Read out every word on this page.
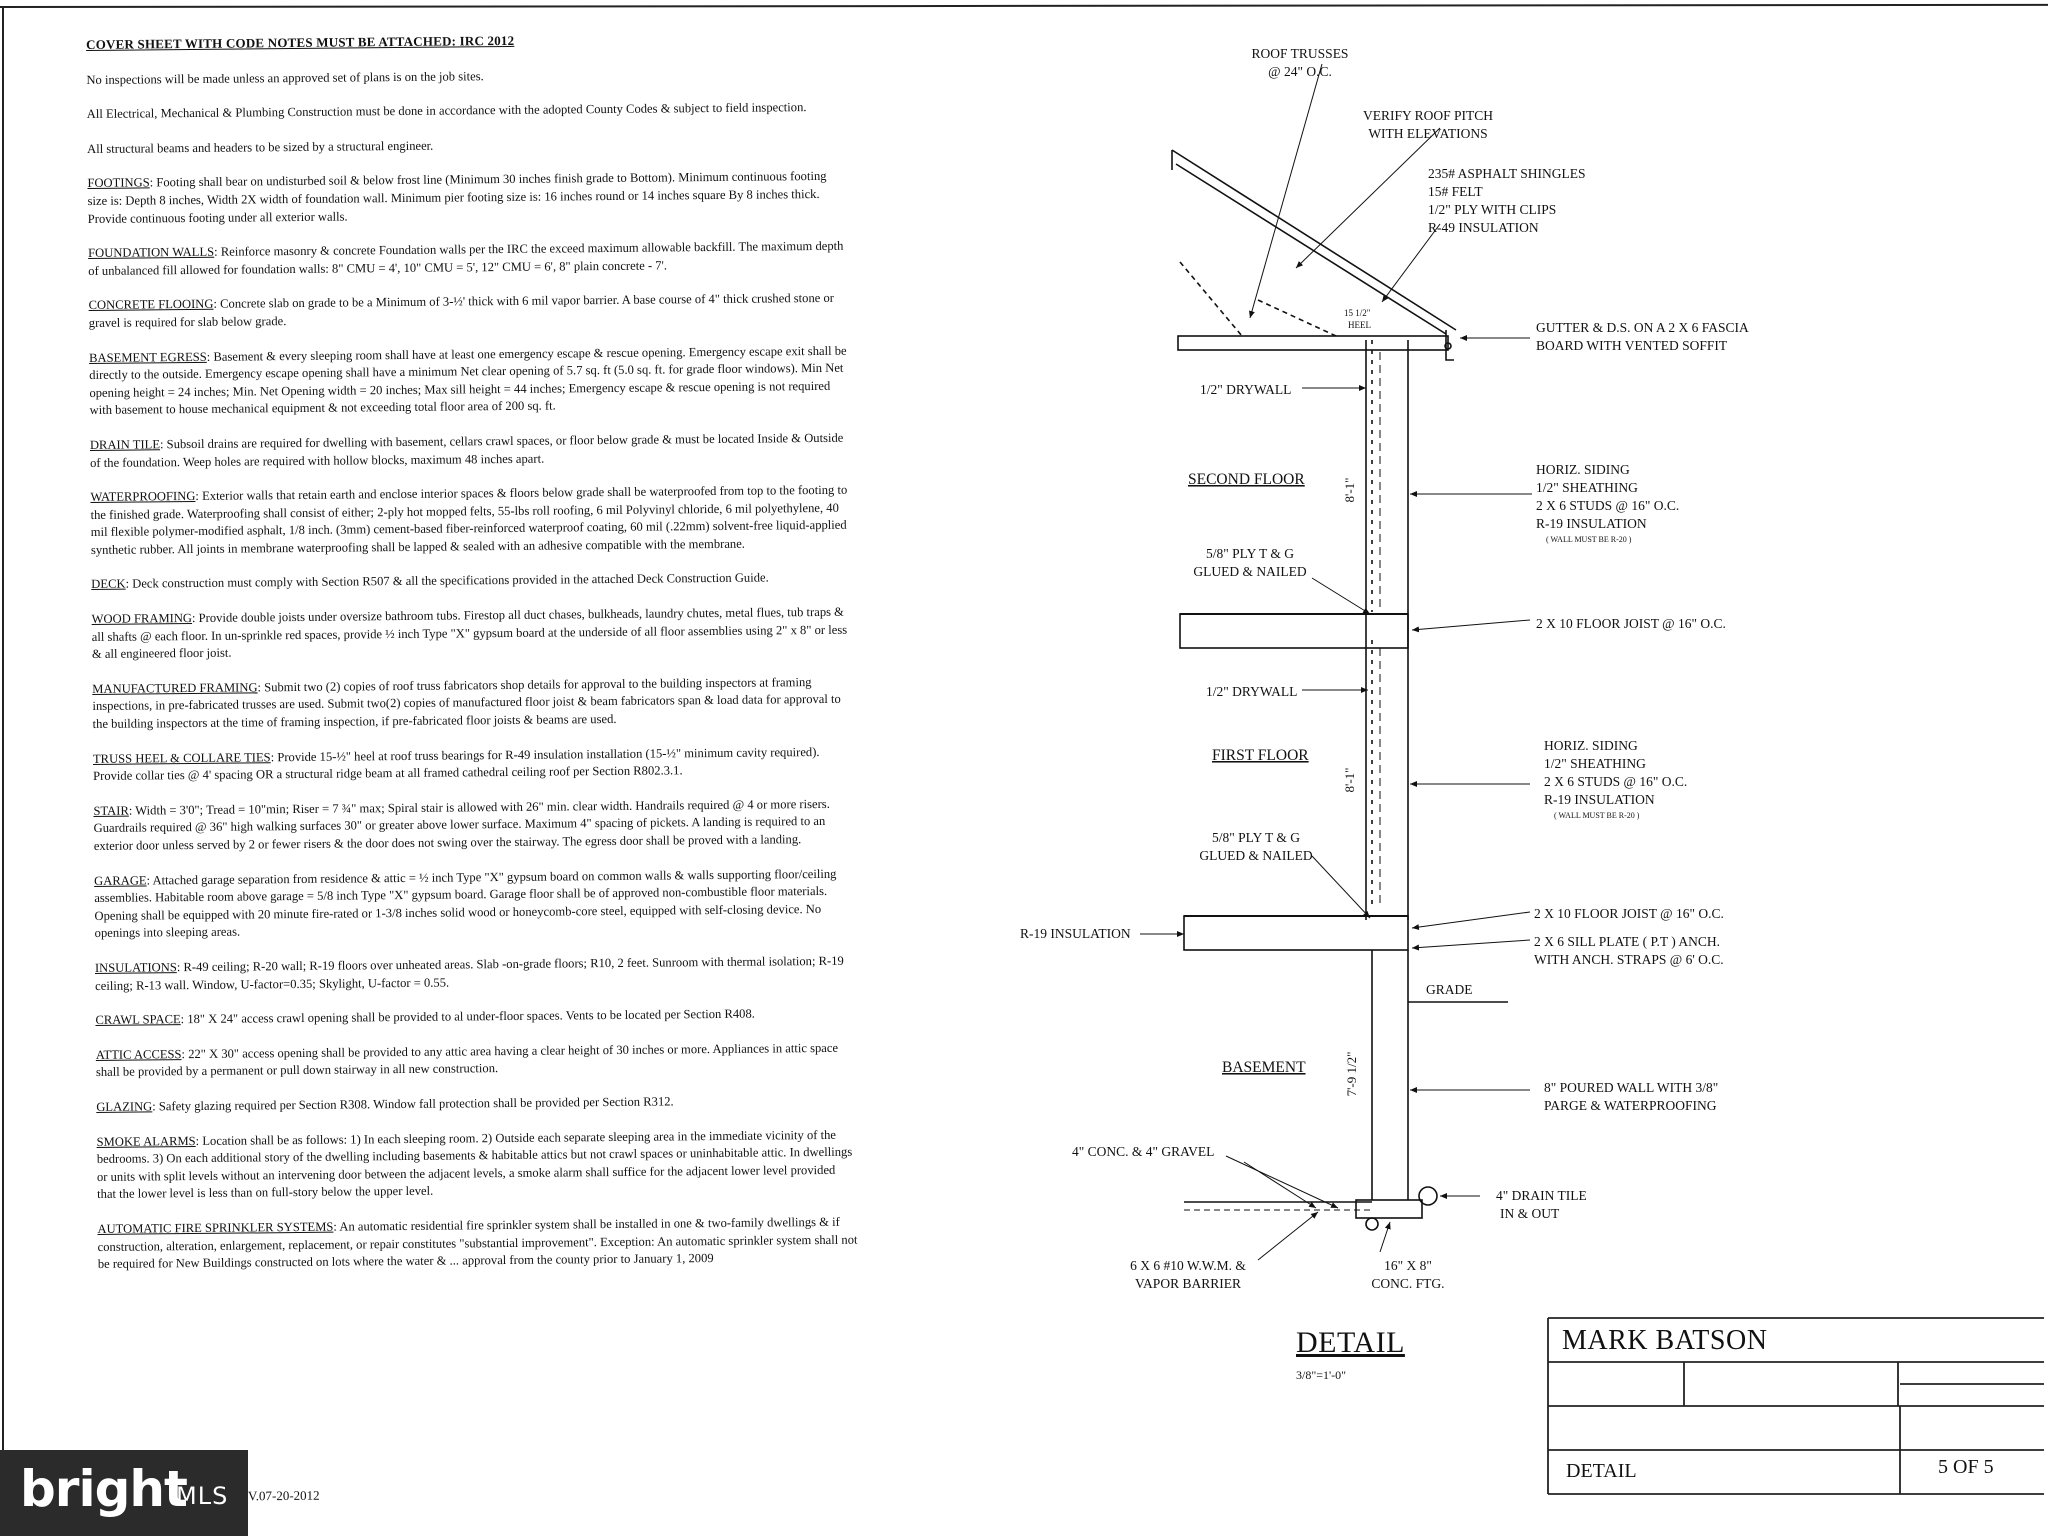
COVER SHEET WITH CODE NOTES MUST BE ATTACHED: IRC 2012

No inspections will be made unless an approved set of plans is on the job sites.

All Electrical, Mechanical & Plumbing Construction must be done in accordance with the adopted County Codes & subject to field inspection.

All structural beams and headers to be sized by a structural engineer.

FOOTINGS: Footing shall bear on undisturbed soil & below frost line (Minimum 30 inches finish grade to Bottom). Minimum continuous footing size is: Depth 8 inches, Width 2X width of foundation wall. Minimum pier footing size is: 16 inches round or 14 inches square By 8 inches thick. Provide continuous footing under all exterior walls.

FOUNDATION WALLS: Reinforce masonry & concrete Foundation walls per the IRC the exceed maximum allowable backfill. The maximum depth of unbalanced fill allowed for foundation walls: 8" CMU = 4', 10" CMU = 5', 12" CMU = 6', 8" plain concrete - 7'.

CONCRETE FLOOING: Concrete slab on grade to be a Minimum of 3-½' thick with 6 mil vapor barrier. A base course of 4" thick crushed stone or gravel is required for slab below grade.

BASEMENT EGRESS: Basement & every sleeping room shall have at least one emergency escape & rescue opening. Emergency escape exit shall be directly to the outside. Emergency escape opening shall have a minimum Net clear opening of 5.7 sq. ft (5.0 sq. ft. for grade floor windows). Min Net opening height = 24 inches; Min. Net Opening width = 20 inches; Max sill height = 44 inches; Emergency escape & rescue opening is not required with basement to house mechanical equipment & not exceeding total floor area of 200 sq. ft.

DRAIN TILE: Subsoil drains are required for dwelling with basement, cellars crawl spaces, or floor below grade & must be located Inside & Outside of the foundation. Weep holes are required with hollow blocks, maximum 48 inches apart.

WATERPROOFING: Exterior walls that retain earth and enclose interior spaces & floors below grade shall be waterproofed from top to the footing to the finished grade. Waterproofing shall consist of either; 2-ply hot mopped felts, 55-lbs roll roofing, 6 mil Polyvinyl chloride, 6 mil polyethylene, 40 mil flexible polymer-modified asphalt, 1/8 inch. (3mm) cement-based fiber-reinforced waterproof coating, 60 mil (.22mm) solvent-free liquid-applied synthetic rubber. All joints in membrane waterproofing shall be lapped & sealed with an adhesive compatible with the membrane.

DECK: Deck construction must comply with Section R507 & all the specifications provided in the attached Deck Construction Guide.

WOOD FRAMING: Provide double joists under oversize bathroom tubs. Firestop all duct chases, bulkheads, laundry chutes, metal flues, tub traps & all shafts @ each floor. In un-sprinkle red spaces, provide ½ inch Type "X" gypsum board at the underside of all floor assemblies using 2" x 8" or less & all engineered floor joist.

MANUFACTURED FRAMING: Submit two (2) copies of roof truss fabricators shop details for approval to the building inspectors at framing inspections, in pre-fabricated trusses are used. Submit two(2) copies of manufactured floor joist & beam fabricators span & load data for approval to the building inspectors at the time of framing inspection, if pre-fabricated floor joists & beams are used.

TRUSS HEEL & COLLARE TIES: Provide 15-½" heel at roof truss bearings for R-49 insulation installation (15-½" minimum cavity required). Provide collar ties @ 4' spacing OR a structural ridge beam at all framed cathedral ceiling roof per Section R802.3.1.

STAIR: Width = 3'0"; Tread = 10"min; Riser = 7 ¾" max; Spiral stair is allowed with 26" min. clear width. Handrails required @ 4 or more risers. Guardrails required @ 36" high walking surfaces 30" or greater above lower surface. Maximum 4" spacing of pickets. A landing is required to an exterior door unless served by 2 or fewer risers & the door does not swing over the stairway. The egress door shall be proved with a landing.

GARAGE: Attached garage separation from residence & attic = ½ inch Type "X" gypsum board on common walls & walls supporting floor/ceiling assemblies. Habitable room above garage = 5/8 inch Type "X" gypsum board. Garage floor shall be of approved non-combustible floor materials. Opening shall be equipped with 20 minute fire-rated or 1-3/8 inches solid wood or honeycomb-core steel, equipped with self-closing device. No openings into sleeping areas.

INSULATIONS: R-49 ceiling; R-20 wall; R-19 floors over unheated areas. Slab -on-grade floors; R10, 2 feet. Sunroom with thermal isolation; R-19 ceiling; R-13 wall. Window, U-factor=0.35; Skylight, U-factor = 0.55.

CRAWL SPACE: 18" X 24" access crawl opening shall be provided to al under-floor spaces. Vents to be located per Section R408.

ATTIC ACCESS: 22" X 30" access opening shall be provided to any attic area having a clear height of 30 inches or more. Appliances in attic space shall be provided by a permanent or pull down stairway in all new construction.

GLAZING: Safety glazing required per Section R308. Window fall protection shall be provided per Section R312.

SMOKE ALARMS: Location shall be as follows: 1) In each sleeping room. 2) Outside each separate sleeping area in the immediate vicinity of the bedrooms. 3) On each additional story of the dwelling including basements & habitable attics but not crawl spaces or uninhabitable attic. In dwellings or units with split levels without an intervening door between the adjacent levels, a smoke alarm shall suffice for the adjacent lower level provided that the lower level is less than on full-story below the upper level.

AUTOMATIC FIRE SPRINKLER SYSTEMS: An automatic residential fire sprinkler system shall be installed in one & two-family dwellings & if construction, alteration, enlargement, replacement, or repair constitutes "substantial improvement". Exception: An automatic sprinkler system shall not be required for New Buildings constructed on lots where the water & ... approval from the county prior to January 1, 2009

V.07-20-2012
ROOF TRUSSES
@ 24" O.C.
VERIFY ROOF PITCH
WITH ELEVATIONS
235# ASPHALT SHINGLES
15# FELT
1/2" PLY WITH CLIPS
R-49 INSULATION
15 1/2"
HEEL	GUTTER & D.S. ON A 2 X 6 FASCIA
BOARD WITH VENTED SOFFIT
1/2" DRYWALL
SECOND FLOOR	8'-1"
HORIZ. SIDING
1/2" SHEATHING
2 X 6 STUDS @ 16" O.C.
R-19 INSULATION
( WALL MUST BE R-20 )
5/8" PLY T & G
GLUED & NAILED
2 X 10 FLOOR JOIST @ 16" O.C.
1/2" DRYWALL
FIRST FLOOR
8'-1"
HORIZ. SIDING
1/2" SHEATHING
2 X 6 STUDS @ 16" O.C.
R-19 INSULATION
( WALL MUST BE R-20 )
5/8" PLY T & G
GLUED & NAILED
R-19 INSULATION
2 X 10 FLOOR JOIST @ 16" O.C.
2 X 6 SILL PLATE ( P.T ) ANCH.
WITH ANCH. STRAPS @ 6' O.C.
GRADE
BASEMENT	7'-9 1/2"	8" POURED WALL WITH 3/8"
PARGE & WATERPROOFING
4" CONC. & 4" GRAVEL
4" DRAIN TILE
IN & OUT
6 X 6 #10 W.W.M. &
VAPOR BARRIER
16" X 8"
CONC. FTG.
DETAIL
3/8"=1'-0"
MARK BATSON
DETAIL	5 OF 5
bright
MLS
